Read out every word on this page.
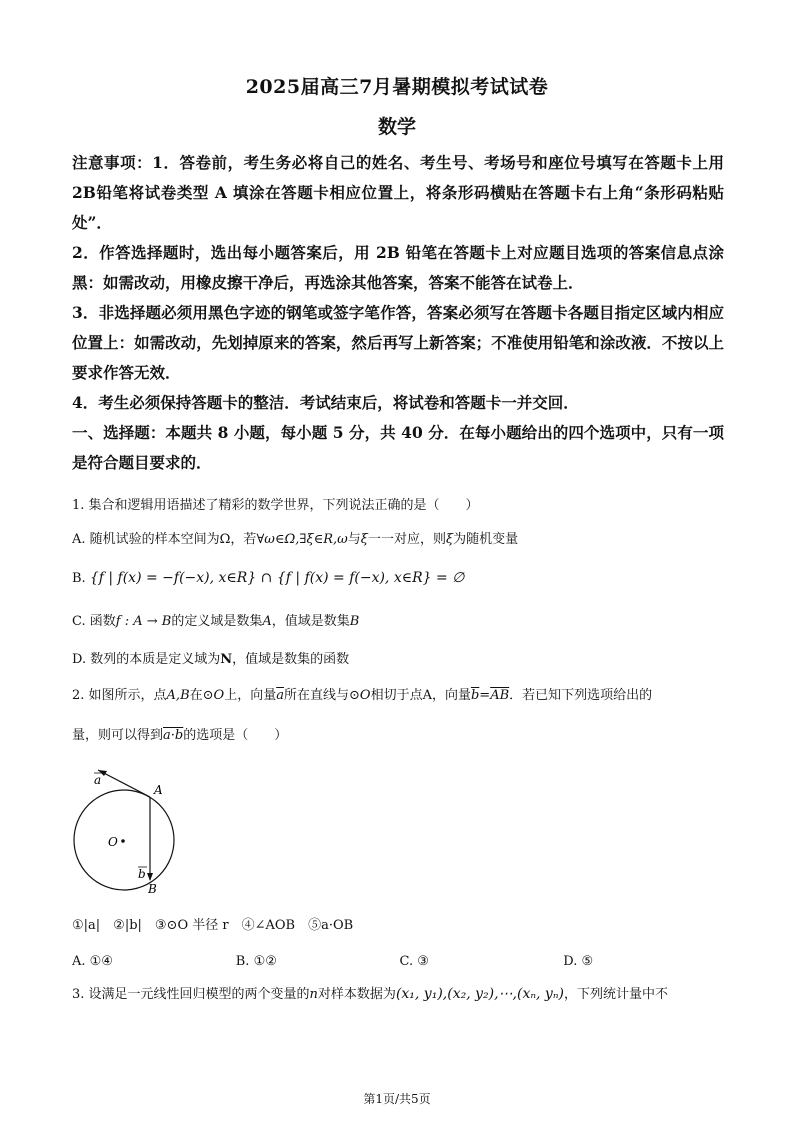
2025届高三7月暑期模拟考试试卷
数学

注意事项：1．答卷前，考生务必将自己的姓名、考生号、考场号和座位号填写在答题卡上用2B铅笔将试卷类型 A 填涂在答题卡相应位置上，将条形码横贴在答题卡右上角“条形码粘贴处”．

2．作答选择题时，选出每小题答案后，用 2B 铅笔在答题卡上对应题目选项的答案信息点涂黑：如需改动，用橡皮擦干净后，再选涂其他答案，答案不能答在试卷上．

3．非选择题必须用黑色字迹的钢笔或签字笔作答，答案必须写在答题卡各题目指定区域内相应位置上：如需改动，先划掉原来的答案，然后再写上新答案；不准使用铅笔和涂改液．不按以上要求作答无效．

4．考生必须保持答题卡的整洁．考试结束后，将试卷和答题卡一并交回．

一、选择题：本题共 8 小题，每小题 5 分，共 40 分．在每小题给出的四个选项中，只有一项是符合题目要求的．

1. 集合和逻辑用语描述了精彩的数学世界，下列说法正确的是（　　）

A. 随机试验的样本空间为Ω，若∀ω∈Ω,∃ξ∈R,ω与ξ一一对应，则ξ为随机变量

B. {f | f(x) = −f(−x), x∈R} ∩ {f | f(x) = f(−x), x∈R} = ∅

C. 函数f : A → B的定义域是数集A，值域是数集B

D. 数列的本质是定义域为N，值域是数集的函数

2. 如图所示，点A,B在⊙O上，向量$\overline{a}$所在直线与⊙O相切于点A，向量$\overline{b}=\overline{AB}$．若已知下列选项给出的

量，则可以得到a·b的选项是（　　）

a
A
O
b
B

①|a|　②|b|　③⊙O 半径 r　④∠AOB　⑤a·OB

A. ①④	B. ①②	C. ③	D. ⑤

3. 设满足一元线性回归模型的两个变量的n对样本数据为(x₁, y₁),(x₂, y₂),⋯,(xₙ, yₙ)，下列统计量中不

第1页/共5页
